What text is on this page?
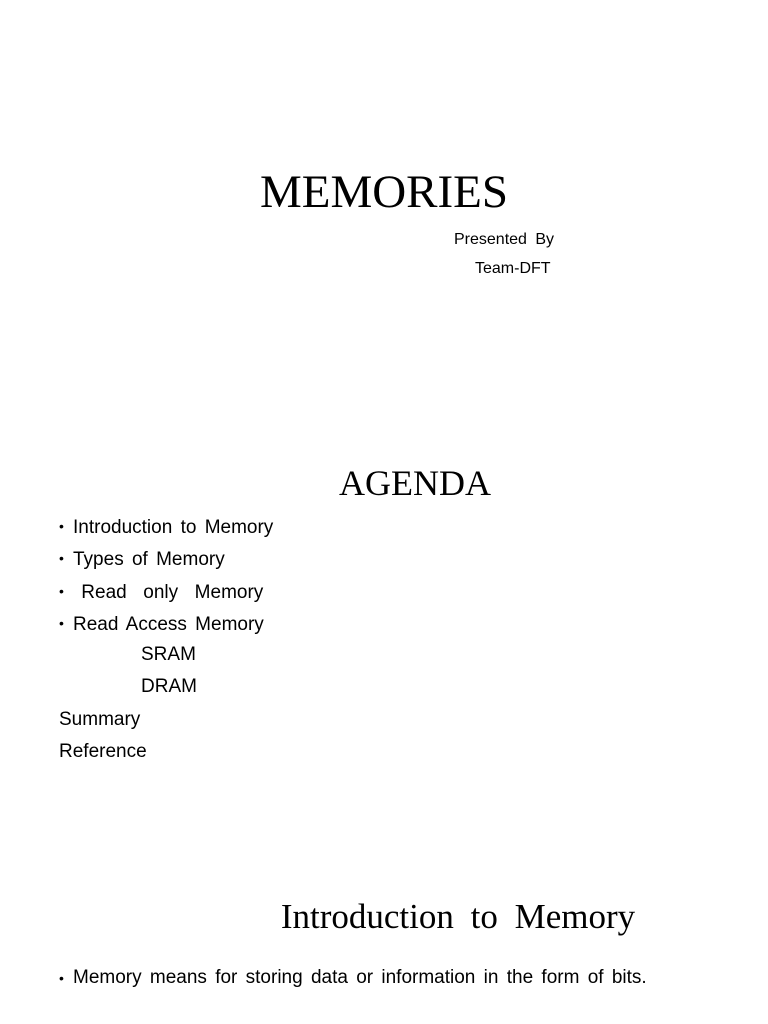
MEMORIES
Presented By
Team-DFT
AGENDA
• Introduction to Memory
• Types of Memory
• Read  only  Memory
• Read Access Memory
SRAM
DRAM
Summary
Reference
Introduction to Memory
• Memory means for storing data or information in the form of bits.
